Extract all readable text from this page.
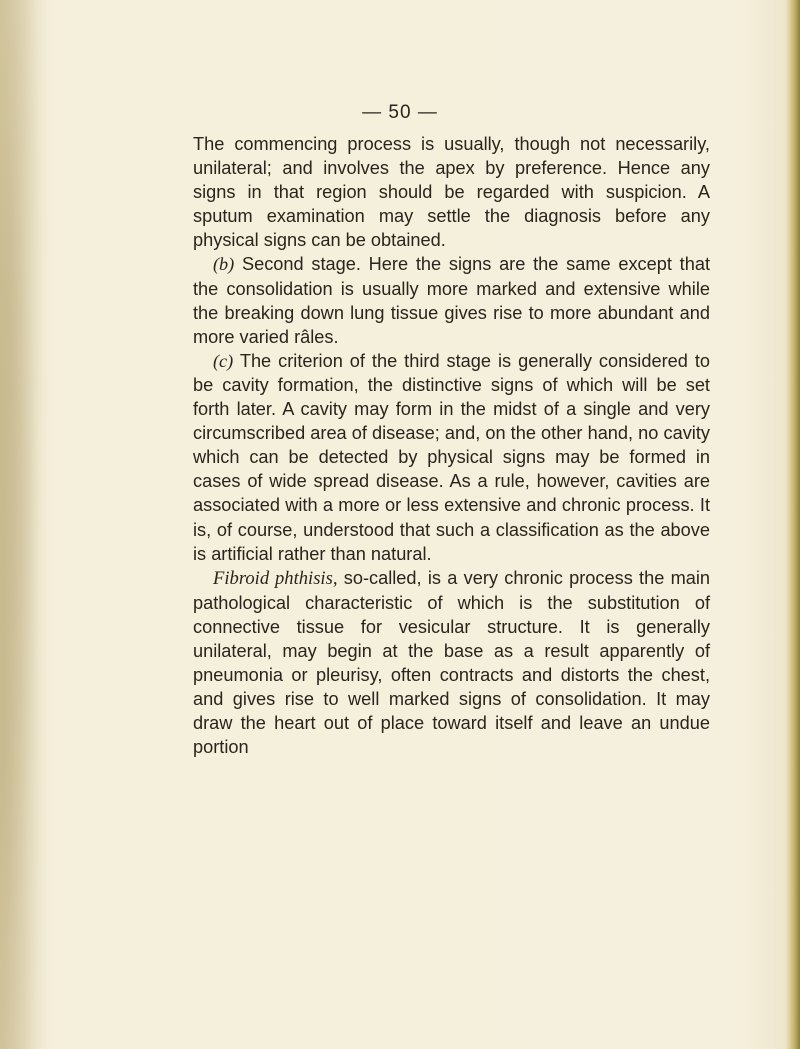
— 50 —

The commencing process is usually, though not necessarily, unilateral; and involves the apex by preference. Hence any signs in that region should be regarded with suspicion. A sputum examination may settle the diagnosis before any physical signs can be obtained.

(b) Second stage. Here the signs are the same except that the consolidation is usually more marked and extensive while the breaking down lung tissue gives rise to more abundant and more varied râles.

(c) The criterion of the third stage is generally considered to be cavity formation, the distinctive signs of which will be set forth later. A cavity may form in the midst of a single and very circumscribed area of disease; and, on the other hand, no cavity which can be detected by physical signs may be formed in cases of wide spread disease. As a rule, however, cavities are associated with a more or less extensive and chronic process. It is, of course, understood that such a classification as the above is artificial rather than natural.

Fibroid phthisis, so-called, is a very chronic process the main pathological characteristic of which is the substitution of connective tissue for vesicular structure. It is generally unilateral, may begin at the base as a result apparently of pneumonia or pleurisy, often contracts and distorts the chest, and gives rise to well marked signs of consolidation. It may draw the heart out of place toward itself and leave an undue portion
